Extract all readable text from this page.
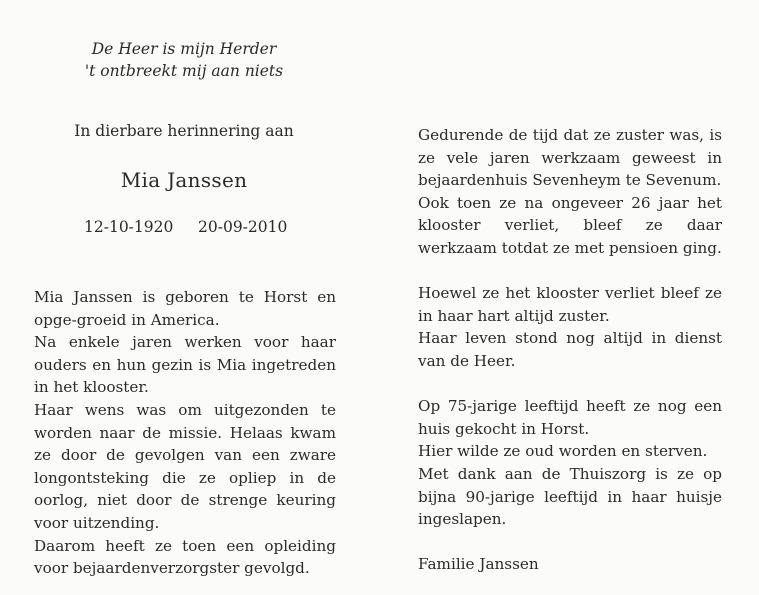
De Heer is mijn Herder
't ontbreekt mij aan niets
In dierbare herinnering aan
Mia Janssen
12-10-1920 20-09-2010

Mia Janssen is geboren te Horst en opge-groeid in America.

Na enkele jaren werken voor haar ouders en hun gezin is Mia ingetreden in het klooster.

Haar wens was om uitgezonden te worden naar de missie. Helaas kwam ze door de gevolgen van een zware longontsteking die ze opliep in de oorlog, niet door de strenge keuring voor uitzending.

Daarom heeft ze toen een opleiding voor bejaardenverzorgster gevolgd.

Gedurende de tijd dat ze zuster was, is ze vele jaren werkzaam geweest in bejaardenhuis Sevenheym te Sevenum.

Ook toen ze na ongeveer 26 jaar het klooster verliet, bleef ze daar werkzaam totdat ze met pensioen ging.

Hoewel ze het klooster verliet bleef ze in haar hart altijd zuster.

Haar leven stond nog altijd in dienst van de Heer.

Op 75-jarige leeftijd heeft ze nog een huis gekocht in Horst.

Hier wilde ze oud worden en sterven.

Met dank aan de Thuiszorg is ze op bijna 90-jarige leeftijd in haar huisje ingeslapen.

Familie Janssen
